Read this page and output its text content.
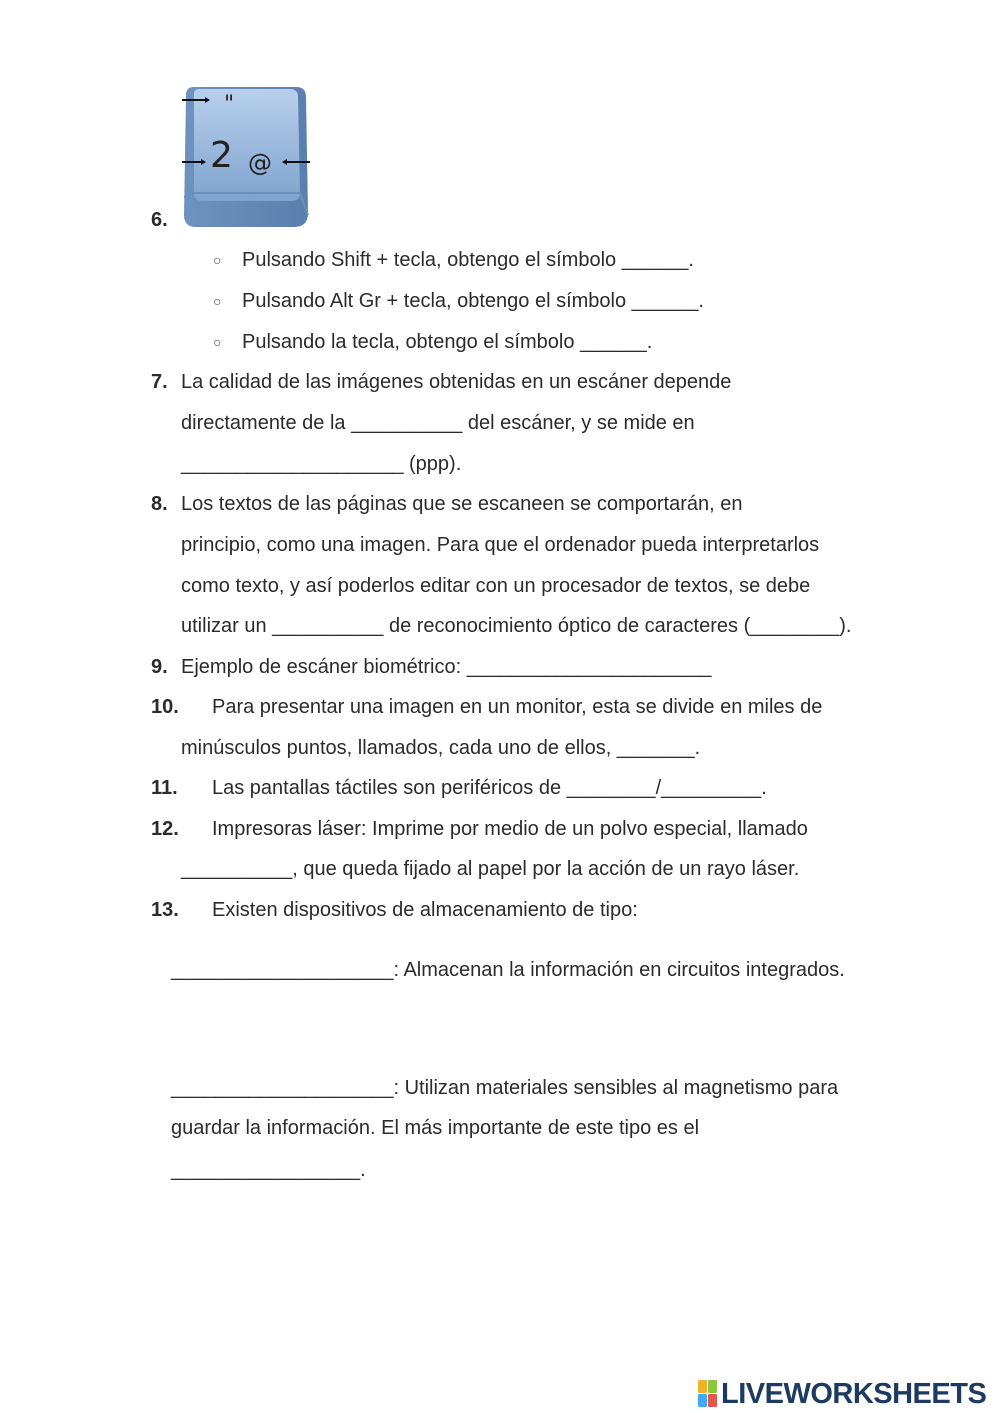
"
2 @
6.
○ Pulsando Shift + tecla, obtengo el símbolo ______.
○ Pulsando Alt Gr + tecla, obtengo el símbolo ______.
○ Pulsando la tecla, obtengo el símbolo ______.
7. La calidad de las imágenes obtenidas en un escáner depende
directamente de la __________ del escáner, y se mide en
____________________ (ppp).
8. Los textos de las páginas que se escaneen se comportarán, en
principio, como una imagen. Para que el ordenador pueda interpretarlos
como texto, y así poderlos editar con un procesador de textos, se debe
utilizar un __________ de reconocimiento óptico de caracteres (________).
9. Ejemplo de escáner biométrico: ______________________
10. Para presentar una imagen en un monitor, esta se divide en miles de
minúsculos puntos, llamados, cada uno de ellos, _______.
11. Las pantallas táctiles son periféricos de ________/_________.
12. Impresoras láser: Imprime por medio de un polvo especial, llamado
__________, que queda fijado al papel por la acción de un rayo láser.
13. Existen dispositivos de almacenamiento de tipo:
____________________: Almacenan la información en circuitos integrados.
____________________: Utilizan materiales sensibles al magnetismo para
guardar la información. El más importante de este tipo es el
_________________.
LIVEWORKSHEETS
